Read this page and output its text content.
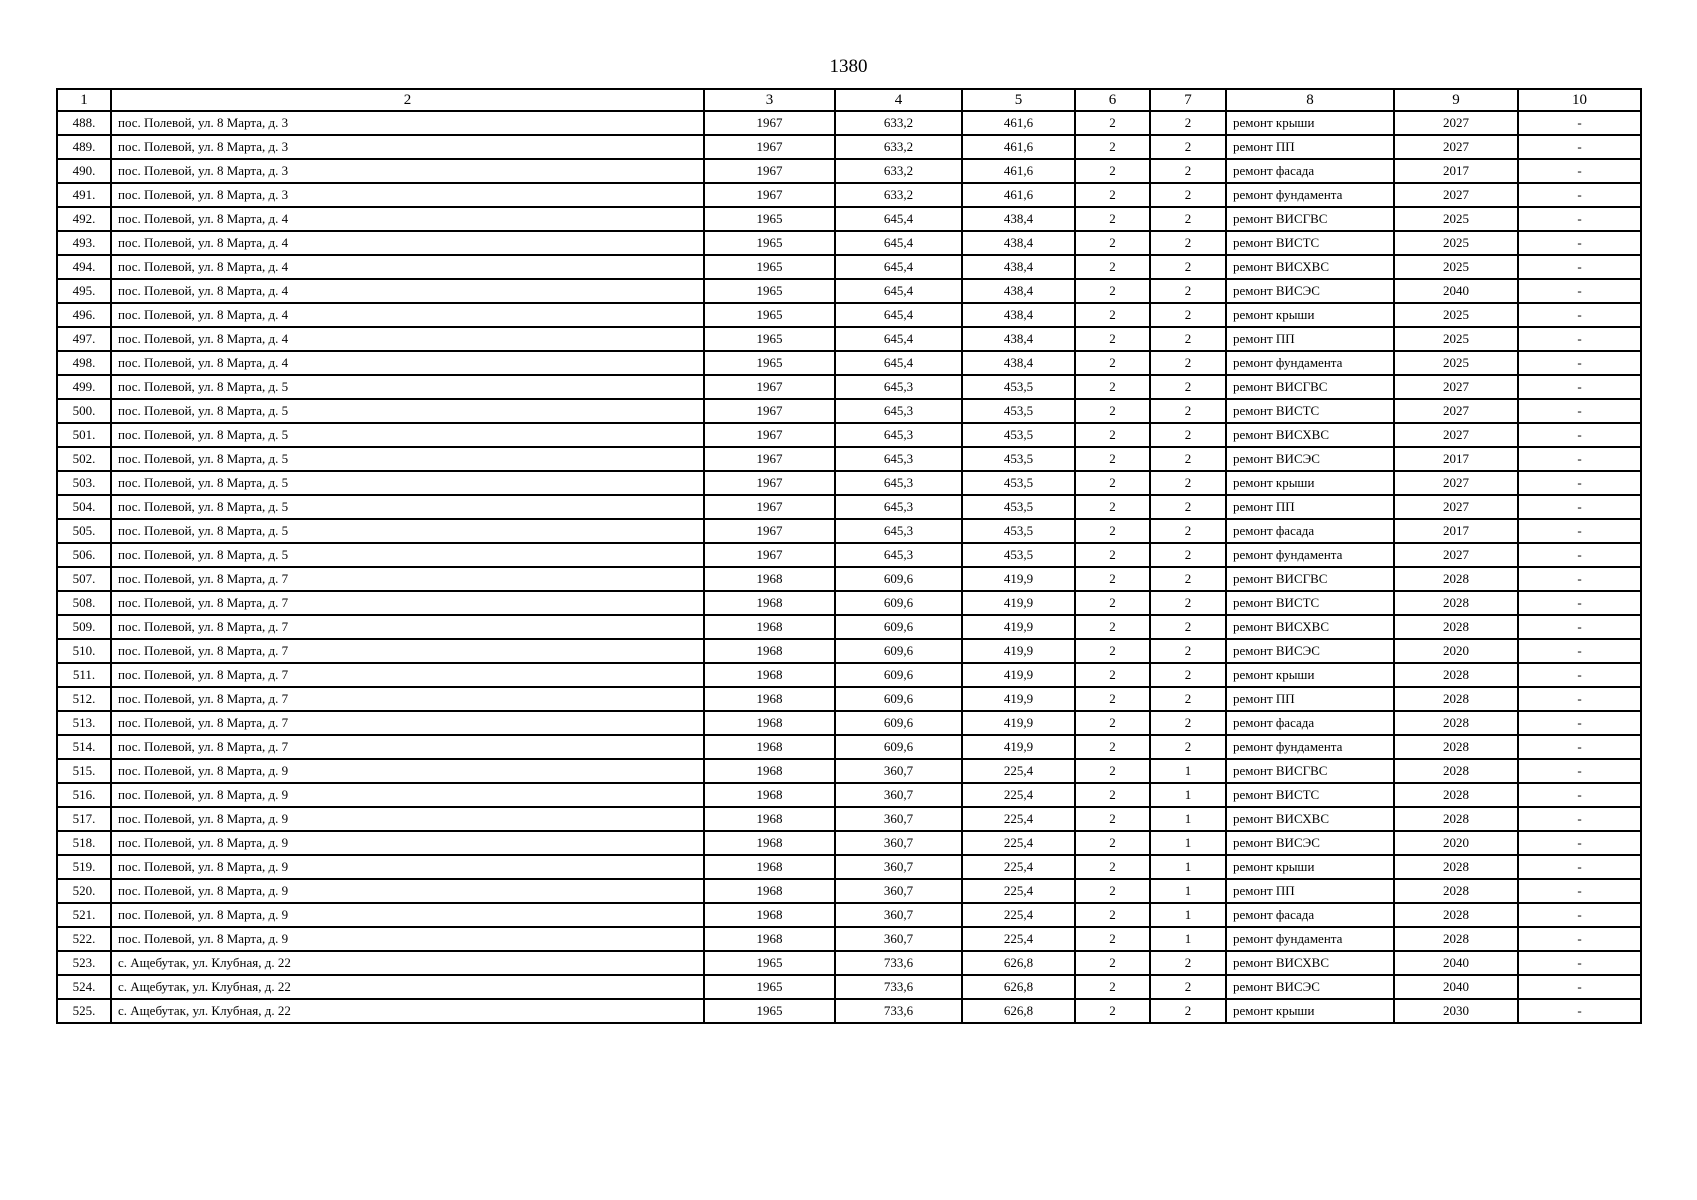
1380
1	2	3	4	5	6	7	8	9	10
488.	пос. Полевой, ул. 8 Марта, д. 3	1967	633,2	461,6	2	2	ремонт крыши	2027	-
489.	пос. Полевой, ул. 8 Марта, д. 3	1967	633,2	461,6	2	2	ремонт ПП	2027	-
490.	пос. Полевой, ул. 8 Марта, д. 3	1967	633,2	461,6	2	2	ремонт фасада	2017	-
491.	пос. Полевой, ул. 8 Марта, д. 3	1967	633,2	461,6	2	2	ремонт фундамента	2027	-
492.	пос. Полевой, ул. 8 Марта, д. 4	1965	645,4	438,4	2	2	ремонт ВИСГВС	2025	-
493.	пос. Полевой, ул. 8 Марта, д. 4	1965	645,4	438,4	2	2	ремонт ВИСТС	2025	-
494.	пос. Полевой, ул. 8 Марта, д. 4	1965	645,4	438,4	2	2	ремонт ВИСХВС	2025	-
495.	пос. Полевой, ул. 8 Марта, д. 4	1965	645,4	438,4	2	2	ремонт ВИСЭС	2040	-
496.	пос. Полевой, ул. 8 Марта, д. 4	1965	645,4	438,4	2	2	ремонт крыши	2025	-
497.	пос. Полевой, ул. 8 Марта, д. 4	1965	645,4	438,4	2	2	ремонт ПП	2025	-
498.	пос. Полевой, ул. 8 Марта, д. 4	1965	645,4	438,4	2	2	ремонт фундамента	2025	-
499.	пос. Полевой, ул. 8 Марта, д. 5	1967	645,3	453,5	2	2	ремонт ВИСГВС	2027	-
500.	пос. Полевой, ул. 8 Марта, д. 5	1967	645,3	453,5	2	2	ремонт ВИСТС	2027	-
501.	пос. Полевой, ул. 8 Марта, д. 5	1967	645,3	453,5	2	2	ремонт ВИСХВС	2027	-
502.	пос. Полевой, ул. 8 Марта, д. 5	1967	645,3	453,5	2	2	ремонт ВИСЭС	2017	-
503.	пос. Полевой, ул. 8 Марта, д. 5	1967	645,3	453,5	2	2	ремонт крыши	2027	-
504.	пос. Полевой, ул. 8 Марта, д. 5	1967	645,3	453,5	2	2	ремонт ПП	2027	-
505.	пос. Полевой, ул. 8 Марта, д. 5	1967	645,3	453,5	2	2	ремонт фасада	2017	-
506.	пос. Полевой, ул. 8 Марта, д. 5	1967	645,3	453,5	2	2	ремонт фундамента	2027	-
507.	пос. Полевой, ул. 8 Марта, д. 7	1968	609,6	419,9	2	2	ремонт ВИСГВС	2028	-
508.	пос. Полевой, ул. 8 Марта, д. 7	1968	609,6	419,9	2	2	ремонт ВИСТС	2028	-
509.	пос. Полевой, ул. 8 Марта, д. 7	1968	609,6	419,9	2	2	ремонт ВИСХВС	2028	-
510.	пос. Полевой, ул. 8 Марта, д. 7	1968	609,6	419,9	2	2	ремонт ВИСЭС	2020	-
511.	пос. Полевой, ул. 8 Марта, д. 7	1968	609,6	419,9	2	2	ремонт крыши	2028	-
512.	пос. Полевой, ул. 8 Марта, д. 7	1968	609,6	419,9	2	2	ремонт ПП	2028	-
513.	пос. Полевой, ул. 8 Марта, д. 7	1968	609,6	419,9	2	2	ремонт фасада	2028	-
514.	пос. Полевой, ул. 8 Марта, д. 7	1968	609,6	419,9	2	2	ремонт фундамента	2028	-
515.	пос. Полевой, ул. 8 Марта, д. 9	1968	360,7	225,4	2	1	ремонт ВИСГВС	2028	-
516.	пос. Полевой, ул. 8 Марта, д. 9	1968	360,7	225,4	2	1	ремонт ВИСТС	2028	-
517.	пос. Полевой, ул. 8 Марта, д. 9	1968	360,7	225,4	2	1	ремонт ВИСХВС	2028	-
518.	пос. Полевой, ул. 8 Марта, д. 9	1968	360,7	225,4	2	1	ремонт ВИСЭС	2020	-
519.	пос. Полевой, ул. 8 Марта, д. 9	1968	360,7	225,4	2	1	ремонт крыши	2028	-
520.	пос. Полевой, ул. 8 Марта, д. 9	1968	360,7	225,4	2	1	ремонт ПП	2028	-
521.	пос. Полевой, ул. 8 Марта, д. 9	1968	360,7	225,4	2	1	ремонт фасада	2028	-
522.	пос. Полевой, ул. 8 Марта, д. 9	1968	360,7	225,4	2	1	ремонт фундамента	2028	-
523.	с. Ащебутак, ул. Клубная, д. 22	1965	733,6	626,8	2	2	ремонт ВИСХВС	2040	-
524.	с. Ащебутак, ул. Клубная, д. 22	1965	733,6	626,8	2	2	ремонт ВИСЭС	2040	-
525.	с. Ащебутак, ул. Клубная, д. 22	1965	733,6	626,8	2	2	ремонт крыши	2030	-
